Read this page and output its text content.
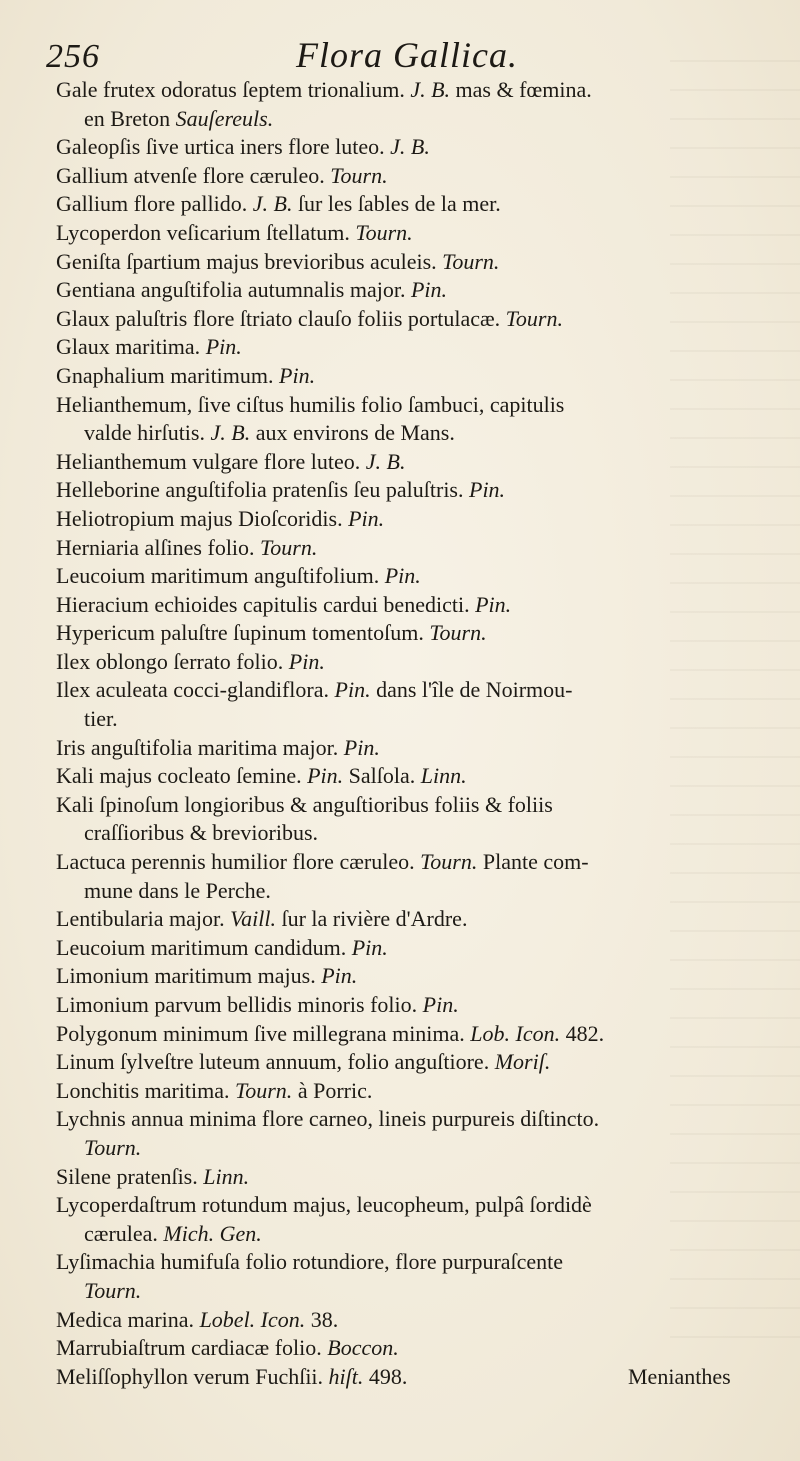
256	Flora Gallica.
Gale frutex odoratus ſeptem trionalium. J. B. mas & fœmina.
en Breton Sauſereuls.
Galeopſis ſive urtica iners flore luteo. J. B.
Gallium atvenſe flore cæruleo. Tourn.
Gallium flore pallido. J. B. ſur les ſables de la mer.
Lycoperdon veſicarium ſtellatum. Tourn.
Geniſta ſpartium majus brevioribus aculeis. Tourn.
Gentiana anguſtifolia autumnalis major. Pin.
Glaux paluſtris flore ſtriato clauſo foliis portulacæ. Tourn.
Glaux maritima. Pin.
Gnaphalium maritimum. Pin.
Helianthemum, ſive ciſtus humilis folio ſambuci, capitulis
valde hirſutis. J. B. aux environs de Mans.
Helianthemum vulgare flore luteo. J. B.
Helleborine anguſtifolia pratenſis ſeu paluſtris. Pin.
Heliotropium majus Dioſcoridis. Pin.
Herniaria alſines folio. Tourn.
Leucoium maritimum anguſtifolium. Pin.
Hieracium echioides capitulis cardui benedicti. Pin.
Hypericum paluſtre ſupinum tomentoſum. Tourn.
Ilex oblongo ſerrato folio. Pin.
Ilex aculeata cocci-glandiflora. Pin. dans l'île de Noirmou-
tier.
Iris anguſtifolia maritima major. Pin.
Kali majus cocleato ſemine. Pin. Salſola. Linn.
Kali ſpinoſum longioribus & anguſtioribus foliis & foliis
craſſioribus & brevioribus.
Lactuca perennis humilior flore cæruleo. Tourn. Plante com-
mune dans le Perche.
Lentibularia major. Vaill. ſur la rivière d'Ardre.
Leucoium maritimum candidum. Pin.
Limonium maritimum majus. Pin.
Limonium parvum bellidis minoris folio. Pin.
Polygonum minimum ſive millegrana minima. Lob. Icon. 482.
Linum ſylveſtre luteum annuum, folio anguſtiore. Moriſ.
Lonchitis maritima. Tourn. à Porric.
Lychnis annua minima flore carneo, lineis purpureis diſtincto.
Tourn.
Silene pratenſis. Linn.
Lycoperdaſtrum rotundum majus, leucopheum, pulpâ ſordidè
cærulea. Mich. Gen.
Lyſimachia humifuſa folio rotundiore, flore purpuraſcente
Tourn.
Medica marina. Lobel. Icon. 38.
Marrubiaſtrum cardiacæ folio. Boccon.
Meliſſophyllon verum Fuchſii. hiſt. 498.	Menianthes
